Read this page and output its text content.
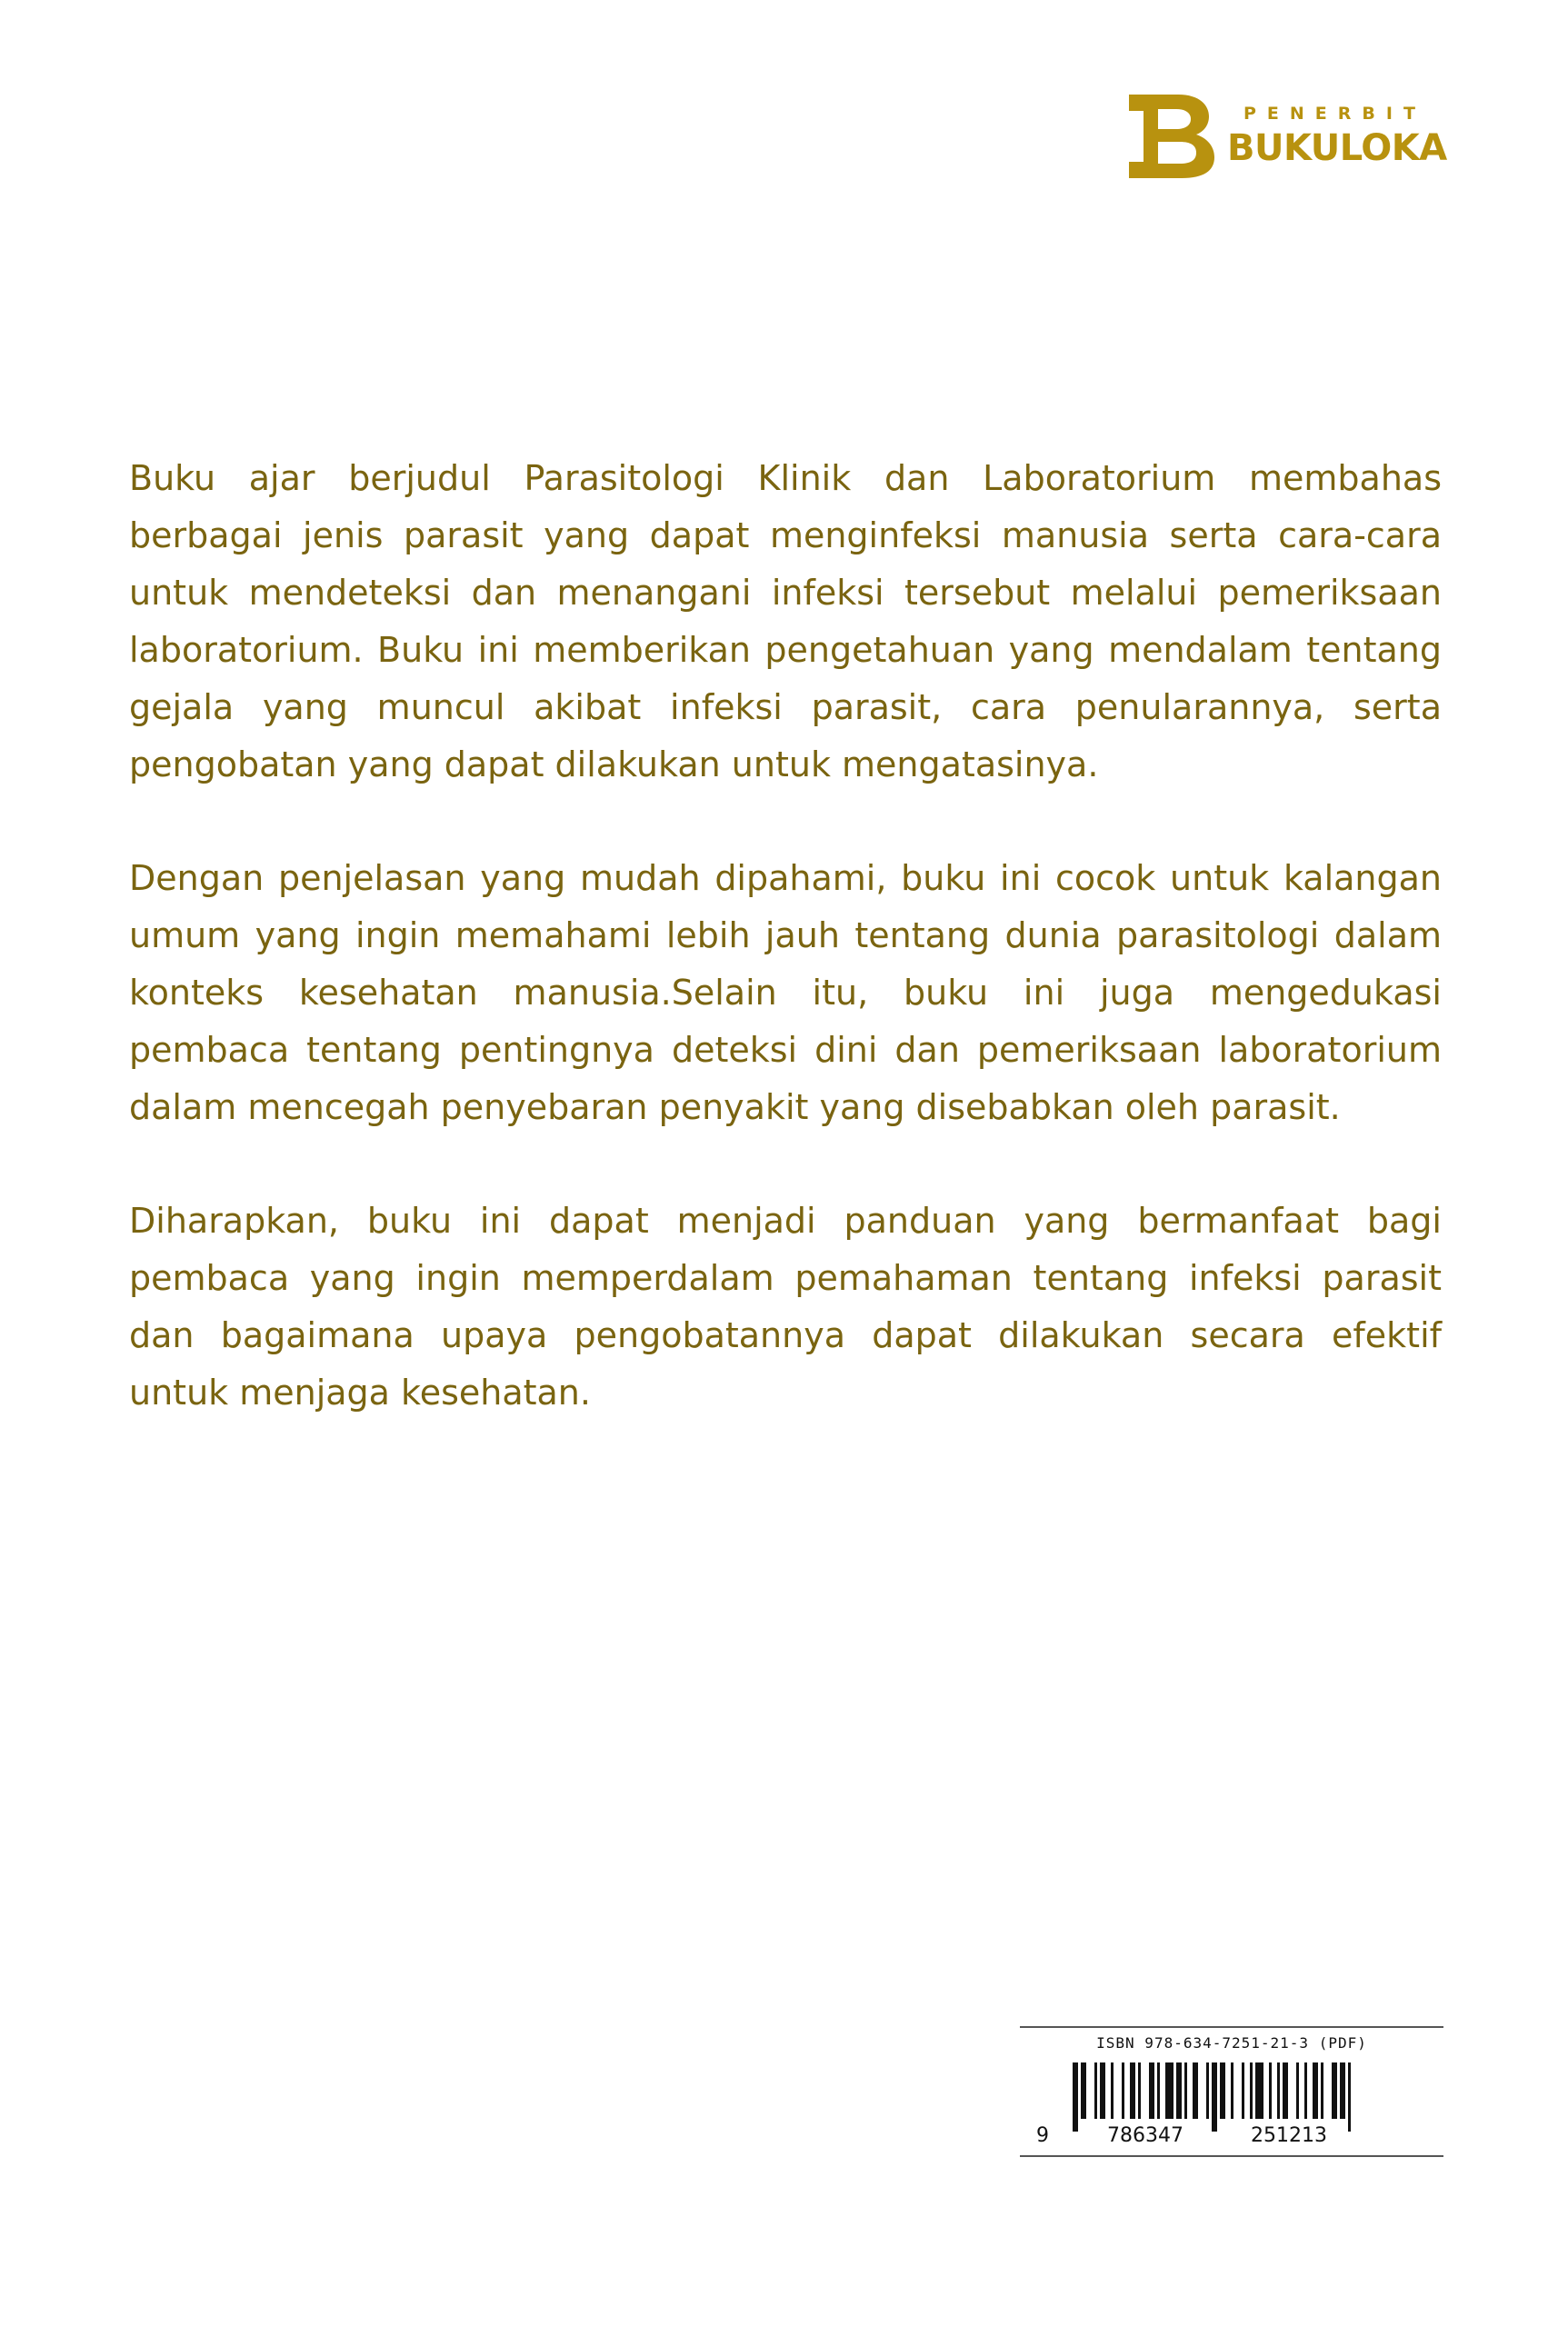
PENERBIT
BUKULOKA

Buku ajar berjudul Parasitologi Klinik dan Laboratorium membahas berbagai jenis parasit yang dapat menginfeksi manusia serta cara-cara untuk mendeteksi dan menangani infeksi tersebut melalui pemeriksaan laboratorium. Buku ini memberikan pengetahuan yang mendalam tentang gejala yang muncul akibat infeksi parasit, cara penularannya, serta pengobatan yang dapat dilakukan untuk mengatasinya.

Dengan penjelasan yang mudah dipahami, buku ini cocok untuk kalangan umum yang ingin memahami lebih jauh tentang dunia parasitologi dalam konteks kesehatan manusia.Selain itu, buku ini juga mengedukasi pembaca tentang pentingnya deteksi dini dan pemeriksaan laboratorium dalam mencegah penyebaran penyakit yang disebabkan oleh parasit.

Diharapkan, buku ini dapat menjadi panduan yang bermanfaat bagi pembaca yang ingin memperdalam pemahaman tentang infeksi parasit dan bagaimana upaya pengobatannya dapat dilakukan secara efektif untuk menjaga kesehatan.

ISBN 978-634-7251-21-3 (PDF)
9	786347	251213
